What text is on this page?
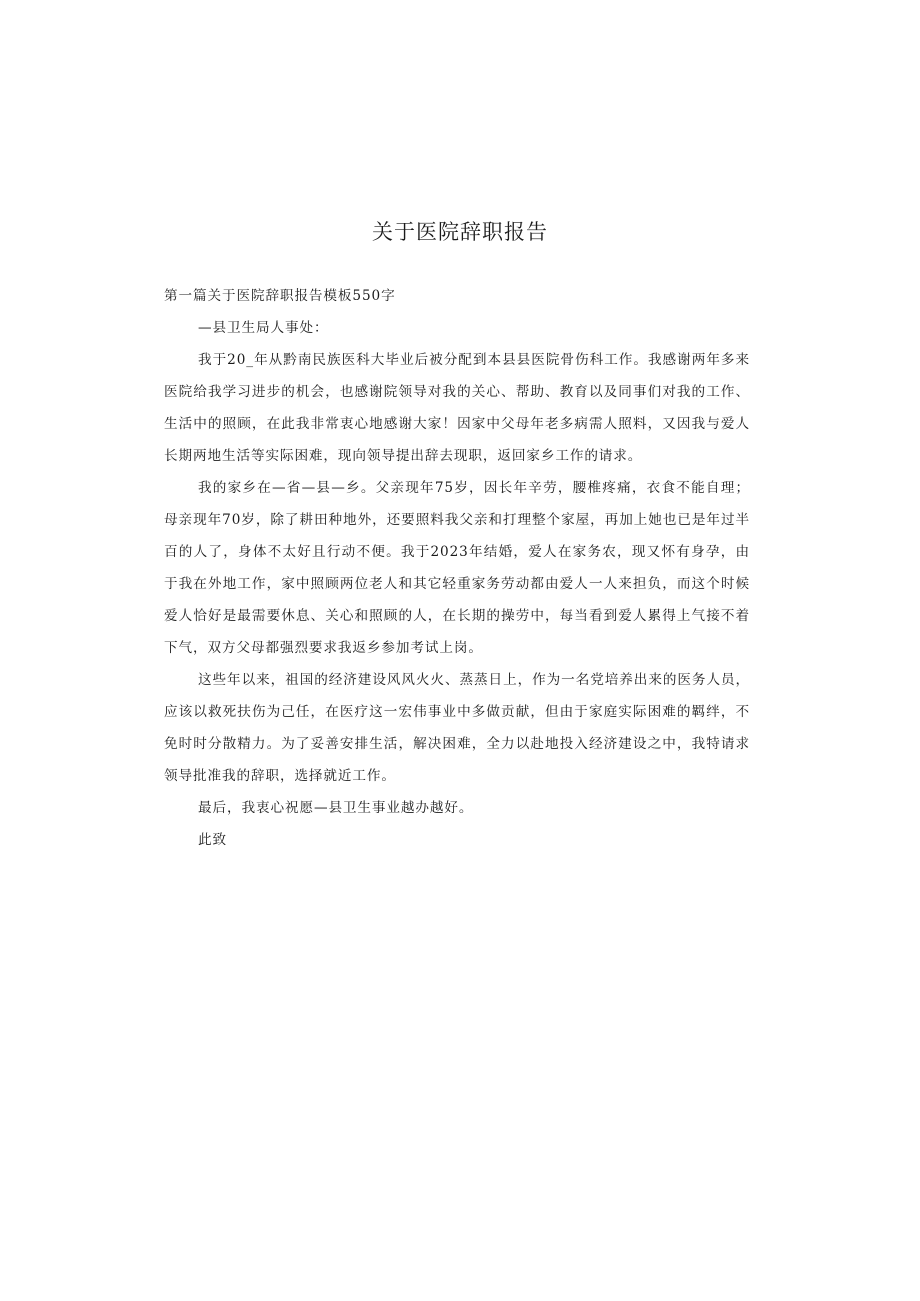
关于医院辞职报告

第一篇关于医院辞职报告模板550字

—县卫生局人事处：

我于20_年从黔南民族医科大毕业后被分配到本县县医院骨伤科工作。我感谢两年多来医院给我学习进步的机会，也感谢院领导对我的关心、帮助、教育以及同事们对我的工作、生活中的照顾，在此我非常衷心地感谢大家！因家中父母年老多病需人照料，又因我与爱人长期两地生活等实际困难，现向领导提出辞去现职，返回家乡工作的请求。

我的家乡在—省—县—乡。父亲现年75岁，因长年辛劳，腰椎疼痛，衣食不能自理；母亲现年70岁，除了耕田种地外，还要照料我父亲和打理整个家屋，再加上她也已是年过半百的人了，身体不太好且行动不便。我于2023年结婚，爱人在家务农，现又怀有身孕，由于我在外地工作，家中照顾两位老人和其它轻重家务劳动都由爱人一人来担负，而这个时候爱人恰好是最需要休息、关心和照顾的人，在长期的操劳中，每当看到爱人累得上气接不着下气，双方父母都强烈要求我返乡参加考试上岗。

这些年以来，祖国的经济建设风风火火、蒸蒸日上，作为一名党培养出来的医务人员，应该以救死扶伤为己任，在医疗这一宏伟事业中多做贡献，但由于家庭实际困难的羁绊，不免时时分散精力。为了妥善安排生活，解决困难，全力以赴地投入经济建设之中，我特请求领导批准我的辞职，选择就近工作。

最后，我衷心祝愿—县卫生事业越办越好。

此致
